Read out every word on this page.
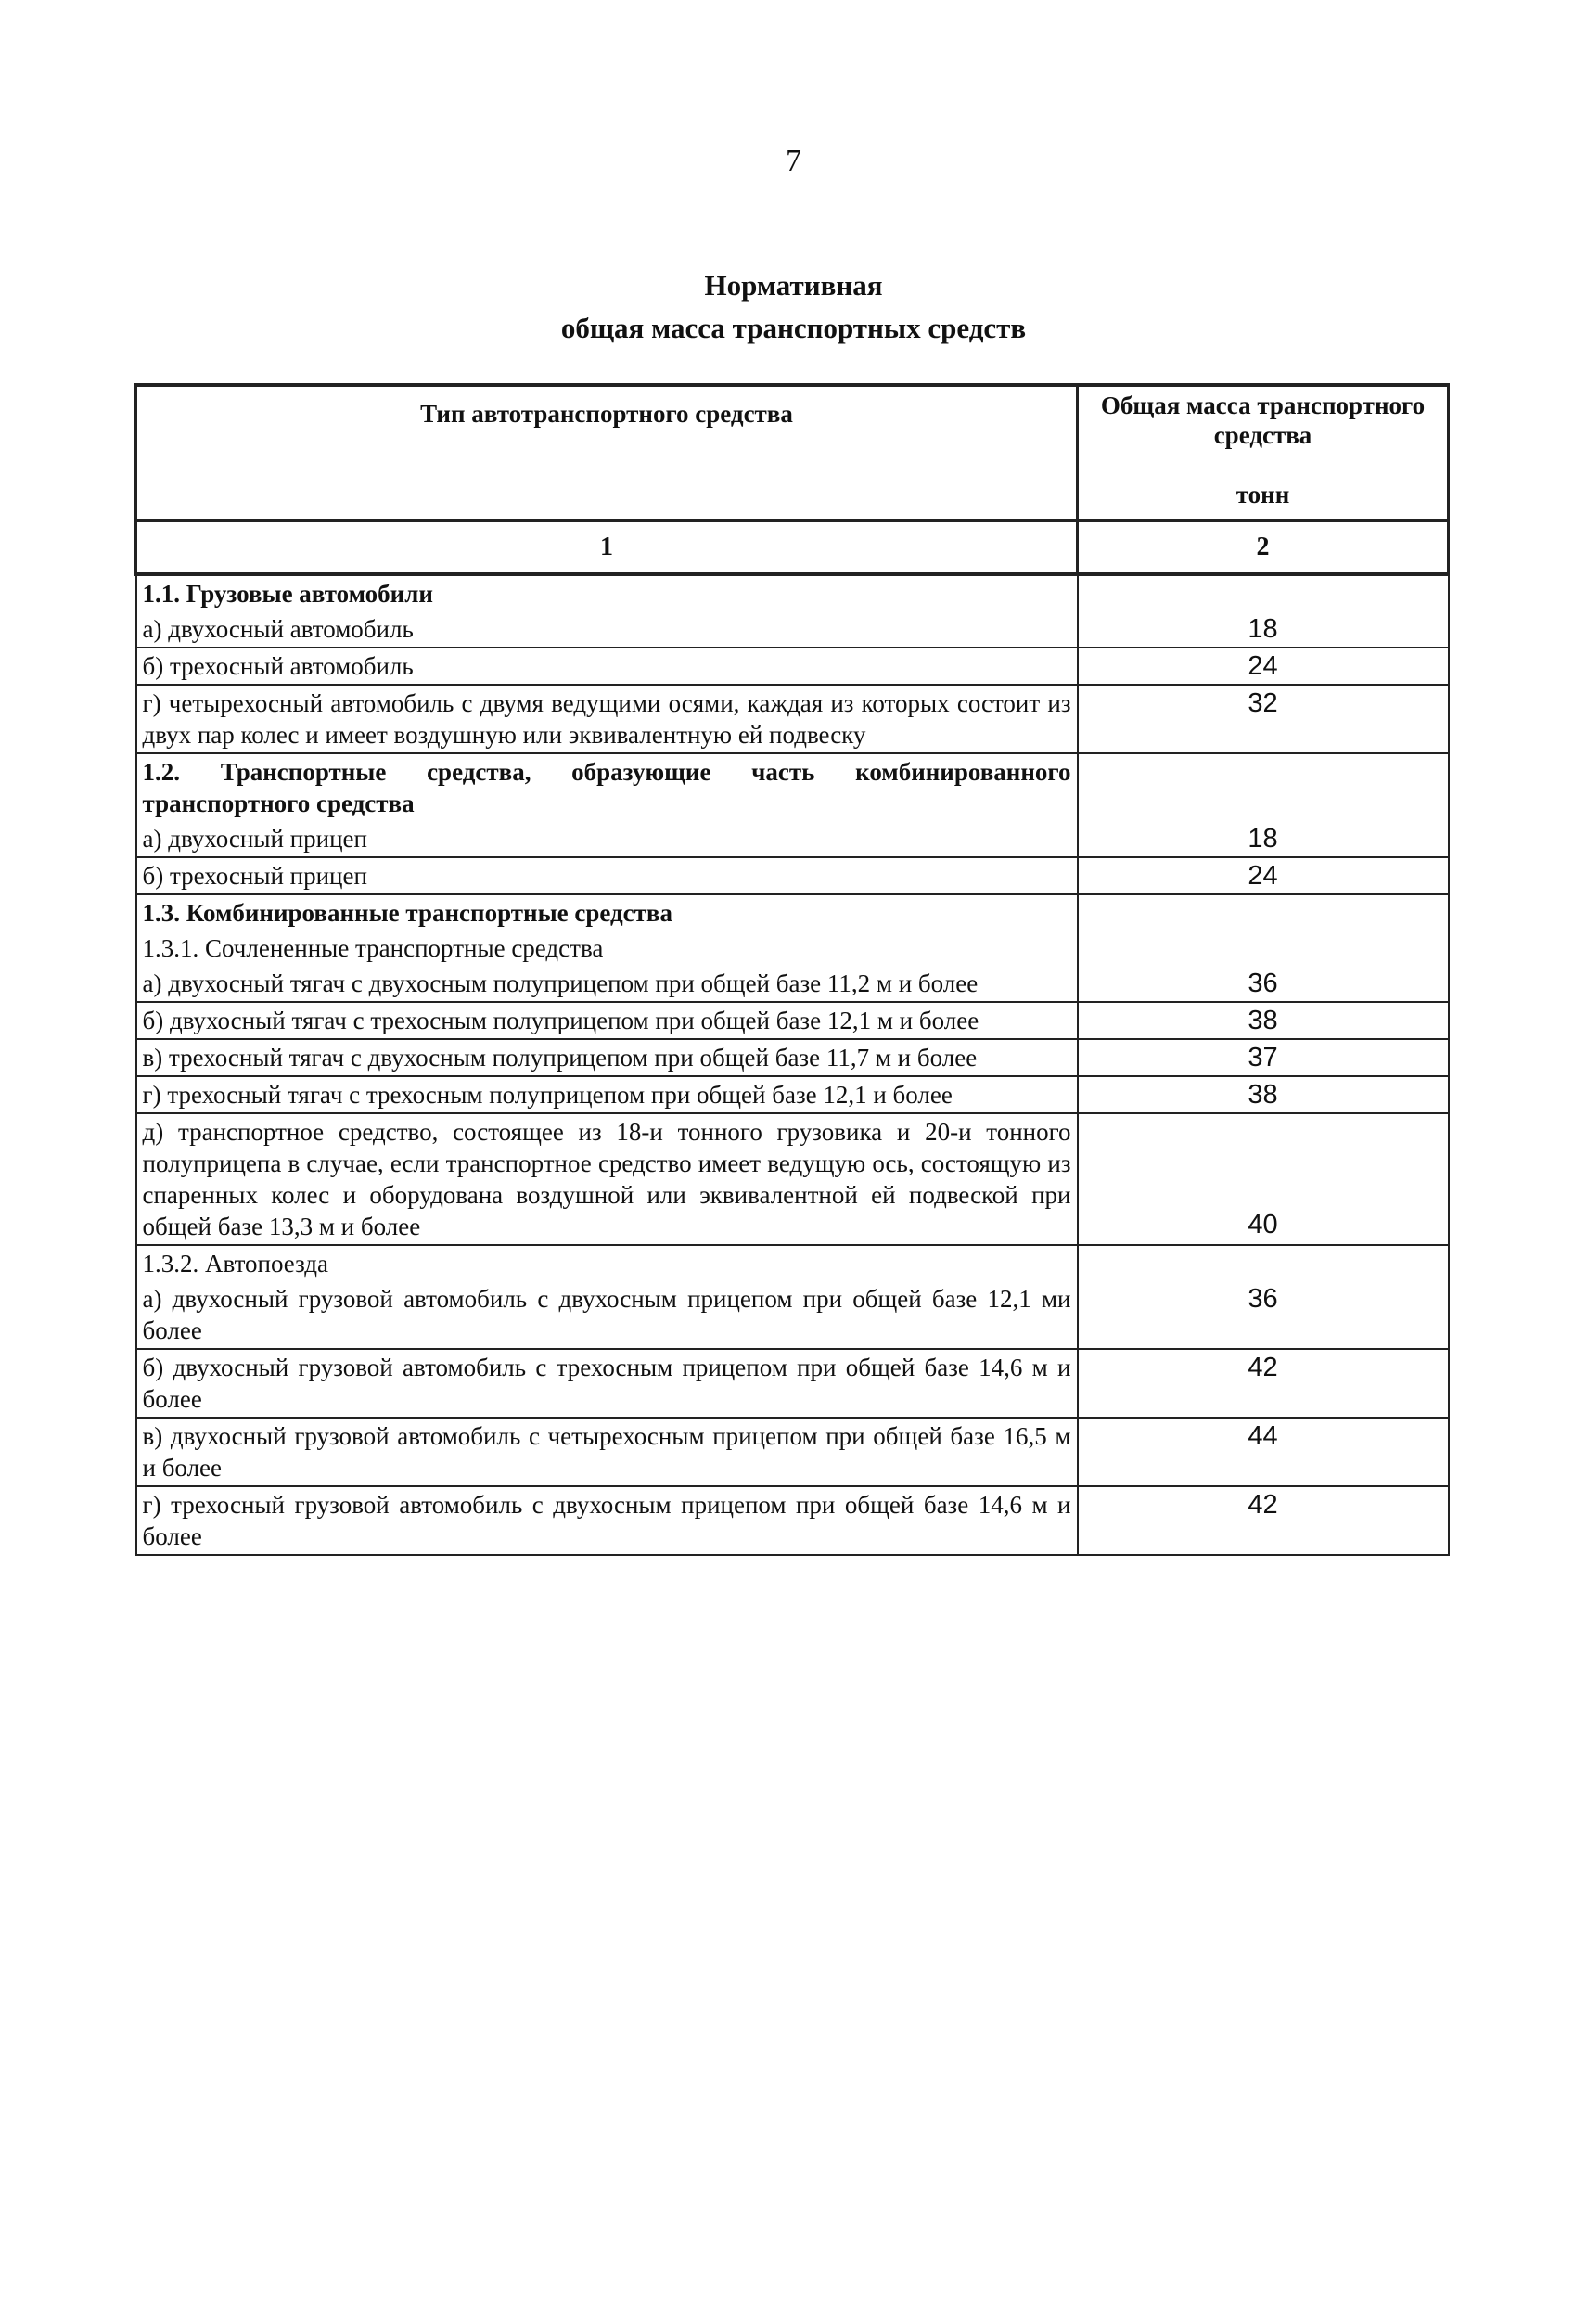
7
Нормативная
общая масса транспортных средств
Тип автотранспортного средства	Общая масса транспортного средства
тонн

1	2
1.1. Грузовые автомобили	
а) двухосный автомобиль	18
б) трехосный автомобиль	24
г) четырехосный автомобиль с двумя ведущими осями, каждая из которых состоит из двух пар колес и имеет воздушную или эквивалентную ей подвеску	32
1.2. Транспортные средства, образующие часть комбинированного транспортного средства	
а) двухосный прицеп	18
б) трехосный прицеп	24
1.3. Комбинированные транспортные средства	
1.3.1. Сочлененные транспортные средства	
а) двухосный тягач с двухосным полуприцепом при общей базе 11,2 м и более	36
б) двухосный тягач с трехосным полуприцепом при общей базе 12,1 м и более	38
в) трехосный тягач с двухосным полуприцепом при общей базе 11,7 м и более	37
г) трехосный тягач с трехосным полуприцепом при общей базе 12,1 и более	38
д) транспортное средство, состоящее из 18-и тонного грузовика и 20-и тонного полуприцепа в случае, если транспортное средство имеет ведущую ось, состоящую из спаренных колес и оборудована воздушной или эквивалентной ей подвеской при общей базе 13,3 м и более	40
1.3.2. Автопоезда	
а) двухосный грузовой автомобиль с двухосным прицепом при общей базе 12,1 ми более	36
б) двухосный грузовой автомобиль с трехосным прицепом при общей базе 14,6 м и более	42
в) двухосный грузовой автомобиль с четырехосным прицепом при общей базе 16,5 м и более	44
г) трехосный грузовой автомобиль с двухосным прицепом при общей базе 14,6 м и более	42
